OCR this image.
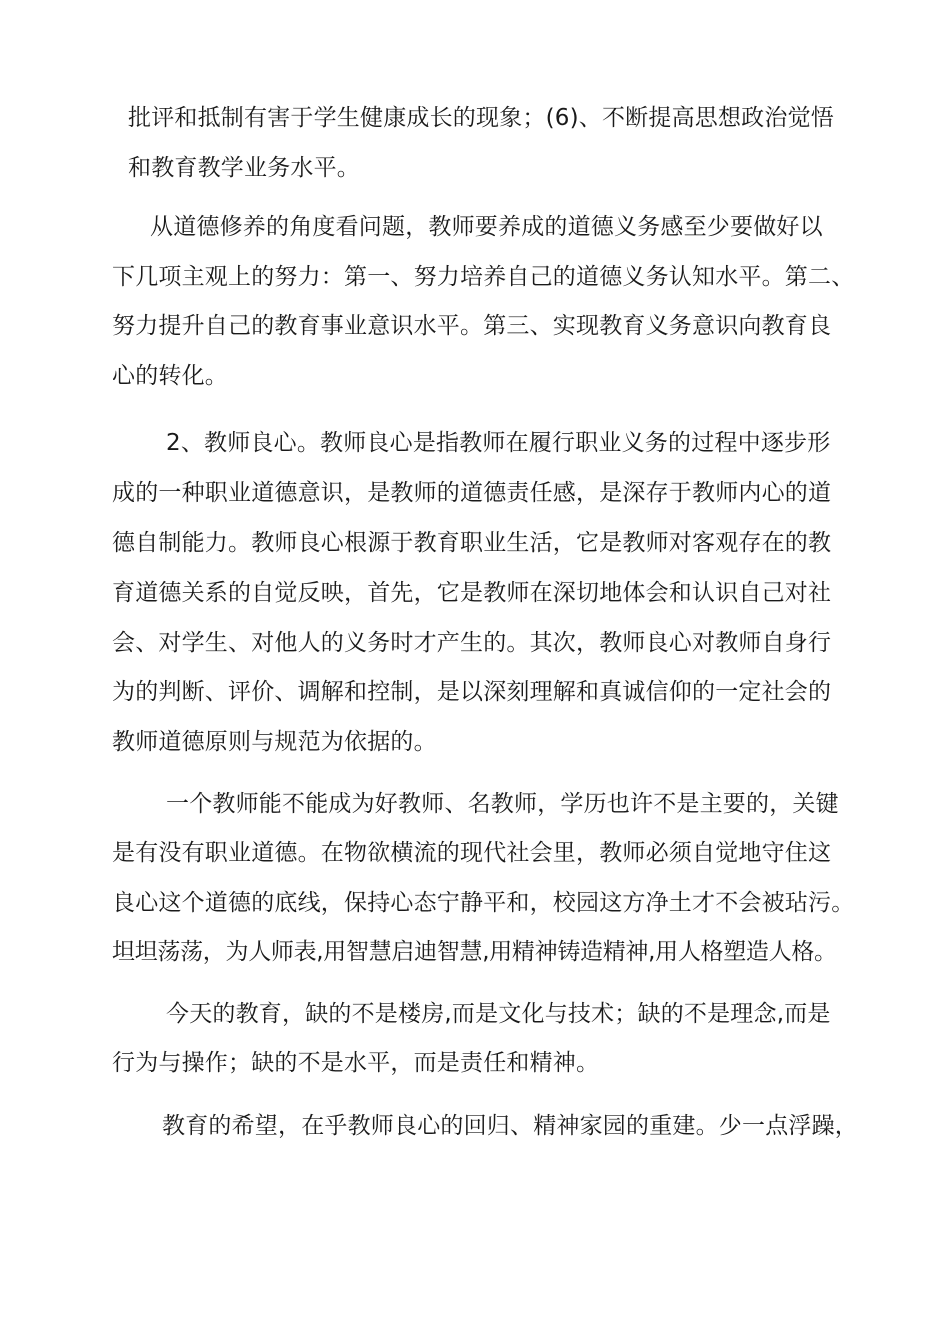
批评和抵制有害于学生健康成长的现象；(6)、不断提高思想政治觉悟
和教育教学业务水平。
从道德修养的角度看问题，教师要养成的道德义务感至少要做好以
下几项主观上的努力：第一、努力培养自己的道德义务认知水平。第二、
努力提升自己的教育事业意识水平。第三、实现教育义务意识向教育良
心的转化。
2、教师良心。教师良心是指教师在履行职业义务的过程中逐步形
成的一种职业道德意识，是教师的道德责任感，是深存于教师内心的道
德自制能力。教师良心根源于教育职业生活，它是教师对客观存在的教
育道德关系的自觉反映，首先，它是教师在深切地体会和认识自己对社
会、对学生、对他人的义务时才产生的。其次，教师良心对教师自身行
为的判断、评价、调解和控制，是以深刻理解和真诚信仰的一定社会的
教师道德原则与规范为依据的。
一个教师能不能成为好教师、名教师，学历也许不是主要的，关键
是有没有职业道德。在物欲横流的现代社会里，教师必须自觉地守住这
良心这个道德的底线，保持心态宁静平和，校园这方净土才不会被玷污。
坦坦荡荡，为人师表,用智慧启迪智慧,用精神铸造精神,用人格塑造人格。
今天的教育，缺的不是楼房,而是文化与技术；缺的不是理念,而是
行为与操作；缺的不是水平，而是责任和精神。
教育的希望，在乎教师良心的回归、精神家园的重建。少一点浮躁，
